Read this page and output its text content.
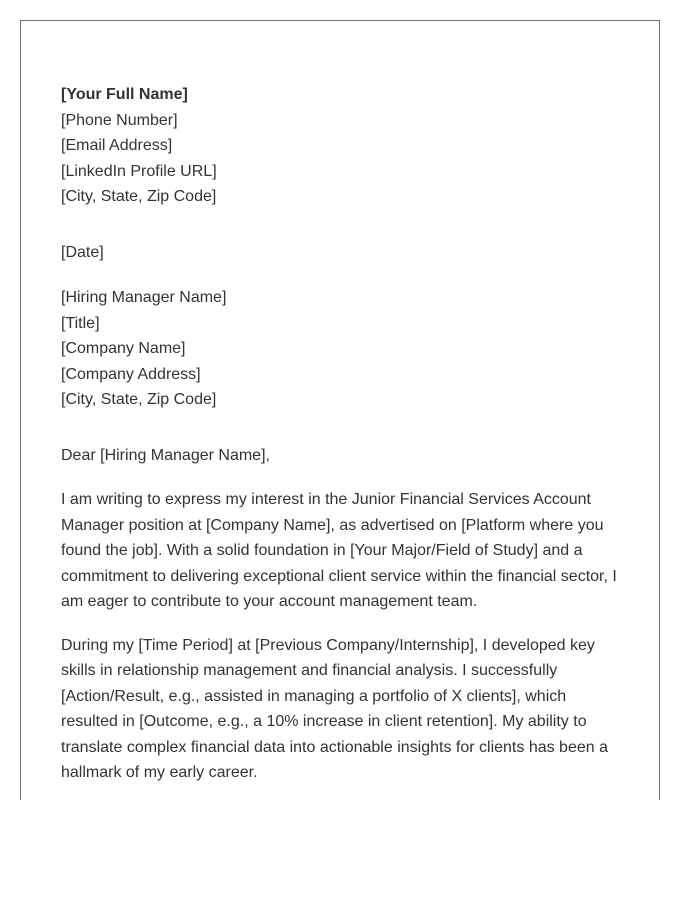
[Your Full Name]
[Phone Number]
[Email Address]
[LinkedIn Profile URL]
[City, State, Zip Code]
[Date]
[Hiring Manager Name]
[Title]
[Company Name]
[Company Address]
[City, State, Zip Code]
Dear [Hiring Manager Name],

I am writing to express my interest in the Junior Financial Services Account Manager position at [Company Name], as advertised on [Platform where you found the job]. With a solid foundation in [Your Major/Field of Study] and a commitment to delivering exceptional client service within the financial sector, I am eager to contribute to your account management team.

During my [Time Period] at [Previous Company/Internship], I developed key skills in relationship management and financial analysis. I successfully [Action/Result, e.g., assisted in managing a portfolio of X clients], which resulted in [Outcome, e.g., a 10% increase in client retention]. My ability to translate complex financial data into actionable insights for clients has been a hallmark of my early career.
